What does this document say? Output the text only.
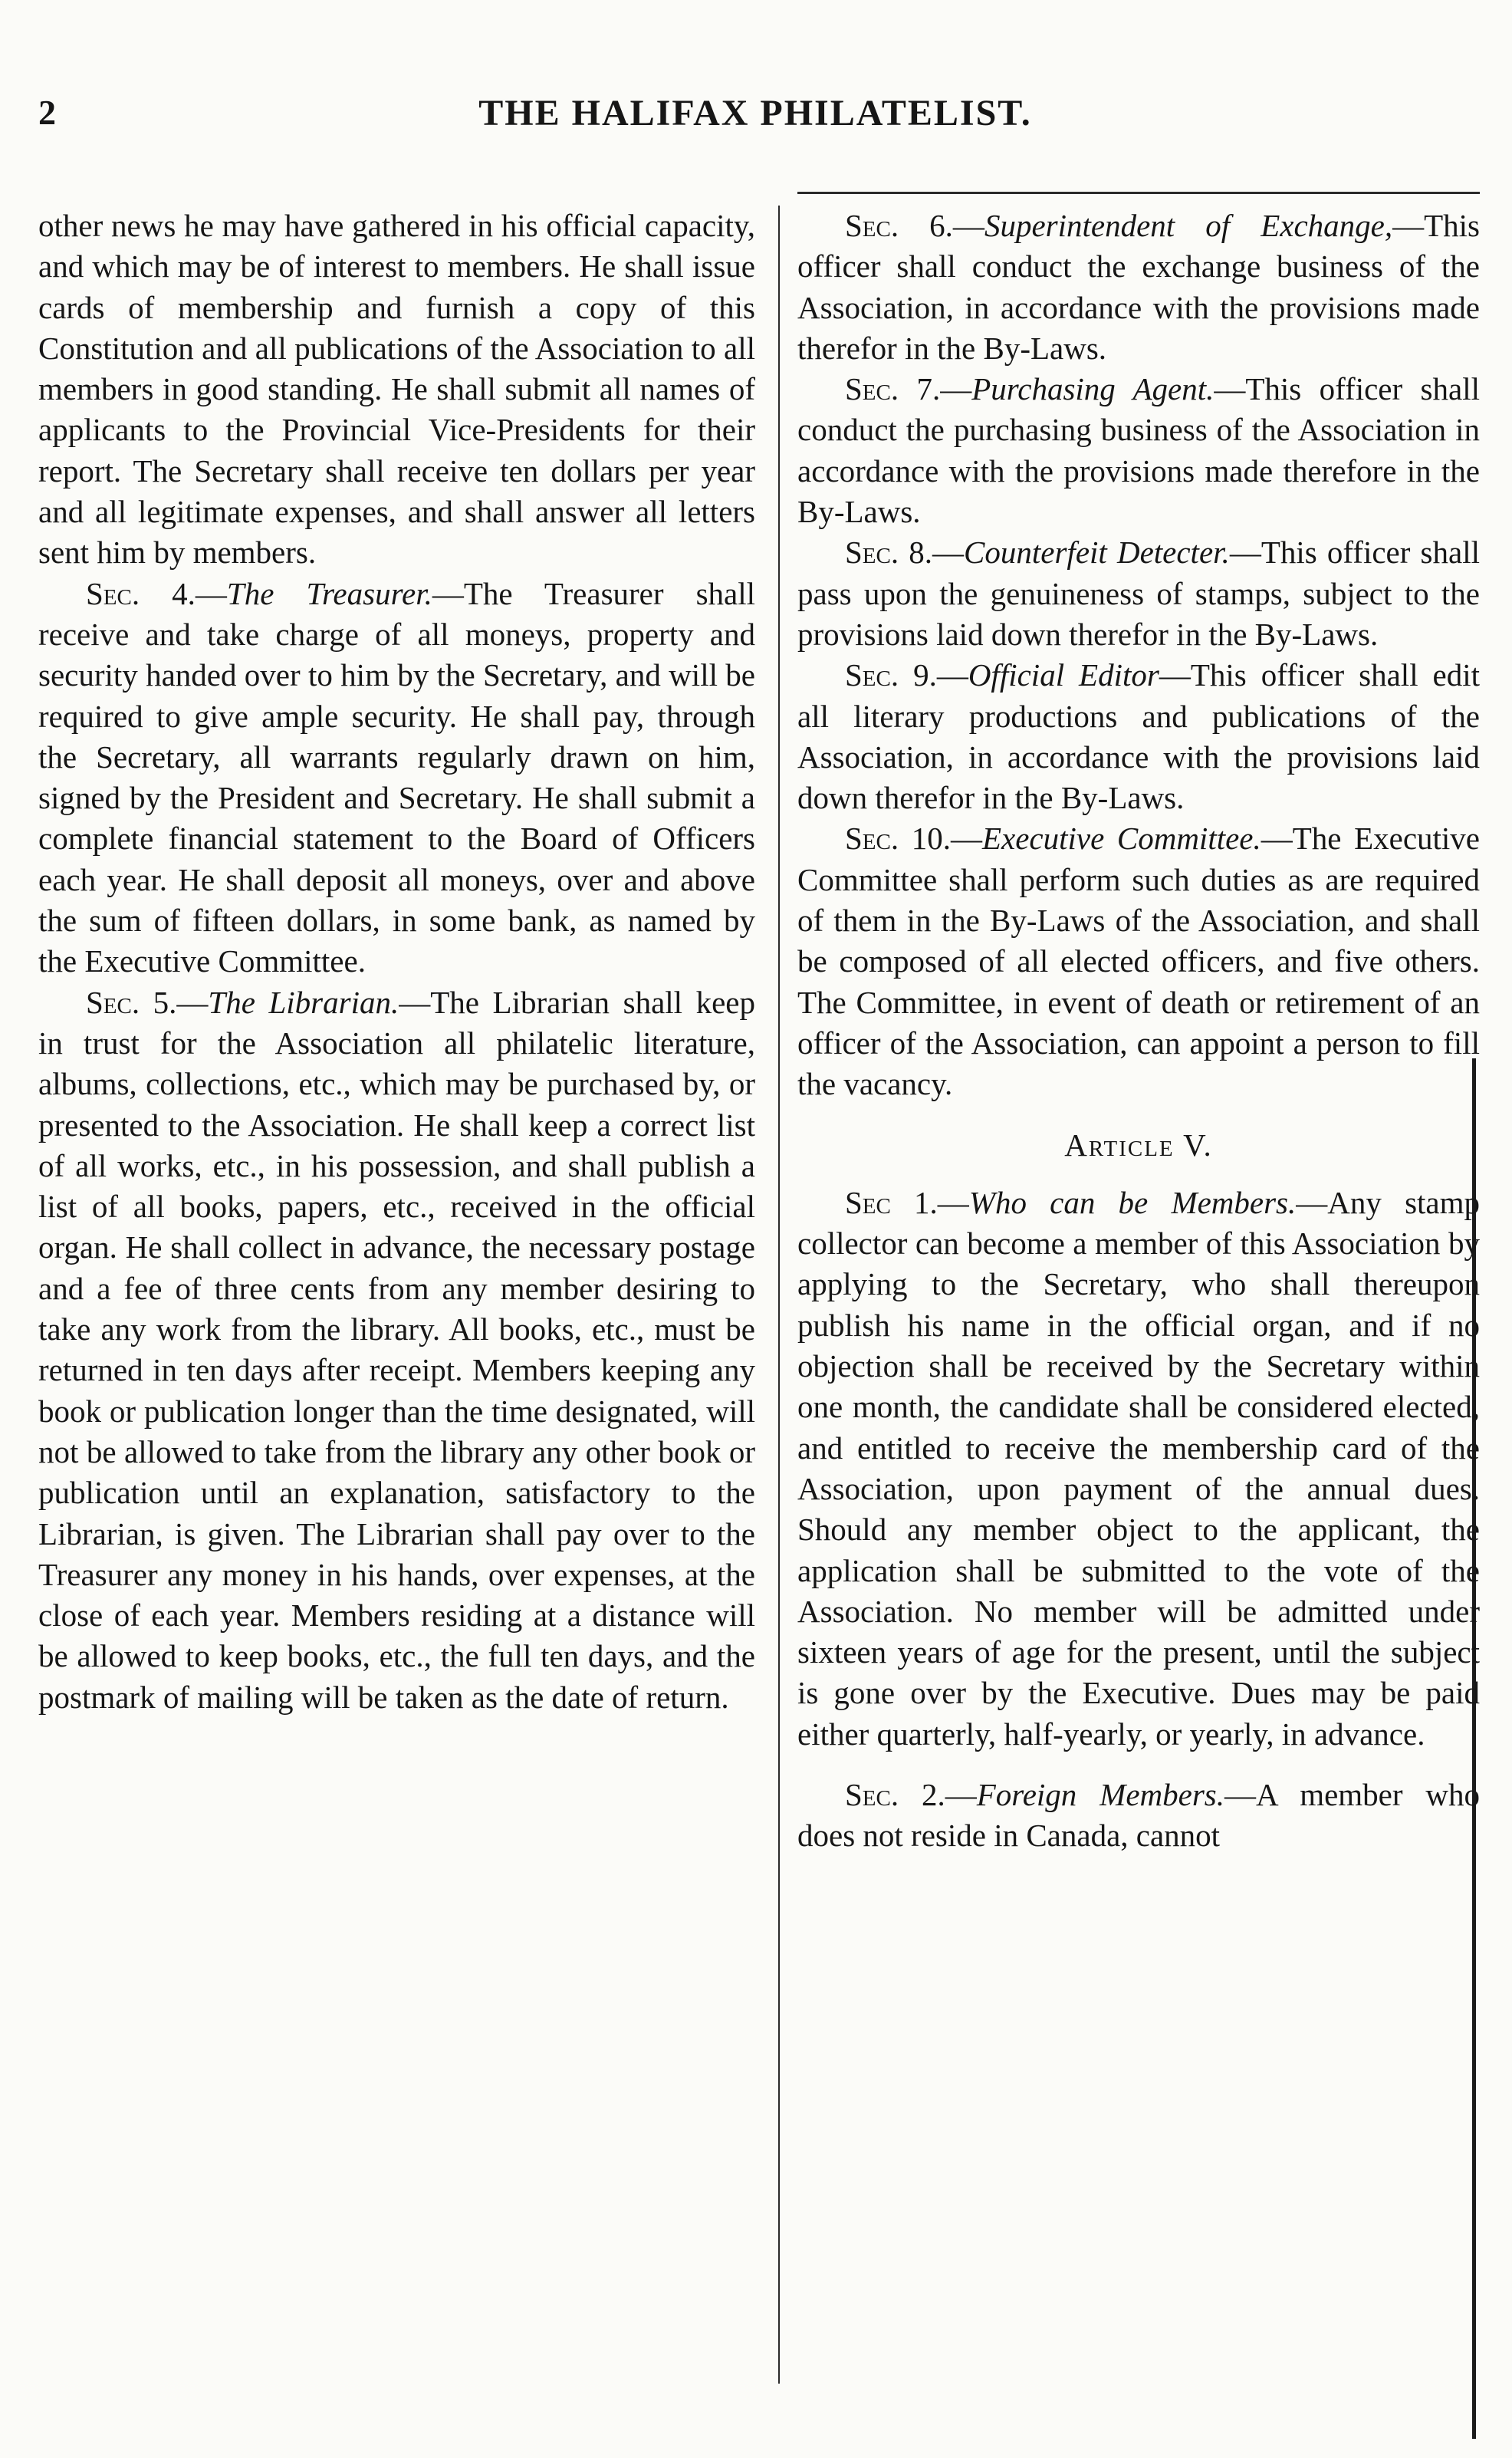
2	THE HALIFAX PHILATELIST.

other news he may have gathered in his official capacity, and which may be of interest to members. He shall issue cards of membership and furnish a copy of this Constitution and all publications of the Association to all members in good standing. He shall submit all names of applicants to the Provincial Vice-Presidents for their report. The Secretary shall receive ten dollars per year and all legitimate expenses, and shall answer all letters sent him by members.

Sec. 4.—The Treasurer.—The Treasurer shall receive and take charge of all moneys, property and security handed over to him by the Secretary, and will be required to give ample security. He shall pay, through the Secretary, all warrants regularly drawn on him, signed by the President and Secretary. He shall submit a complete financial statement to the Board of Officers each year. He shall deposit all moneys, over and above the sum of fifteen dollars, in some bank, as named by the Executive Committee.

Sec. 5.—The Librarian.—The Librarian shall keep in trust for the Association all philatelic literature, albums, collections, etc., which may be purchased by, or presented to the Association. He shall keep a correct list of all works, etc., in his possession, and shall publish a list of all books, papers, etc., received in the official organ. He shall collect in advance, the necessary postage and a fee of three cents from any member desiring to take any work from the library. All books, etc., must be returned in ten days after receipt. Members keeping any book or publication longer than the time designated, will not be allowed to take from the library any other book or publication until an explanation, satisfactory to the Librarian, is given. The Librarian shall pay over to the Treasurer any money in his hands, over expenses, at the close of each year. Members residing at a distance will be allowed to keep books, etc., the full ten days, and the postmark of mailing will be taken as the date of return.

Sec. 6.—Superintendent of Exchange,—This officer shall conduct the exchange business of the Association, in accordance with the provisions made therefor in the By-Laws.

Sec. 7.—Purchasing Agent.—This officer shall conduct the purchasing business of the Association in accordance with the provisions made therefore in the By-Laws.

Sec. 8.—Counterfeit Detecter.—This officer shall pass upon the genuineness of stamps, subject to the provisions laid down therefor in the By-Laws.

Sec. 9.—Official Editor—This officer shall edit all literary productions and publications of the Association, in accordance with the provisions laid down therefor in the By-Laws.

Sec. 10.—Executive Committee.—The Executive Committee shall perform such duties as are required of them in the By-Laws of the Association, and shall be composed of all elected officers, and five others. The Committee, in event of death or retirement of an officer of the Association, can appoint a person to fill the vacancy.

Article V.

Sec 1.—Who can be Members.—Any stamp collector can become a member of this Association by applying to the Secretary, who shall thereupon publish his name in the official organ, and if no objection shall be received by the Secretary within one month, the candidate shall be considered elected, and entitled to receive the membership card of the Association, upon payment of the annual dues. Should any member object to the applicant, the application shall be submitted to the vote of the Association. No member will be admitted under sixteen years of age for the present, until the subject is gone over by the Executive. Dues may be paid either quarterly, half-yearly, or yearly, in advance.

Sec. 2.—Foreign Members.—A member who does not reside in Canada, cannot
